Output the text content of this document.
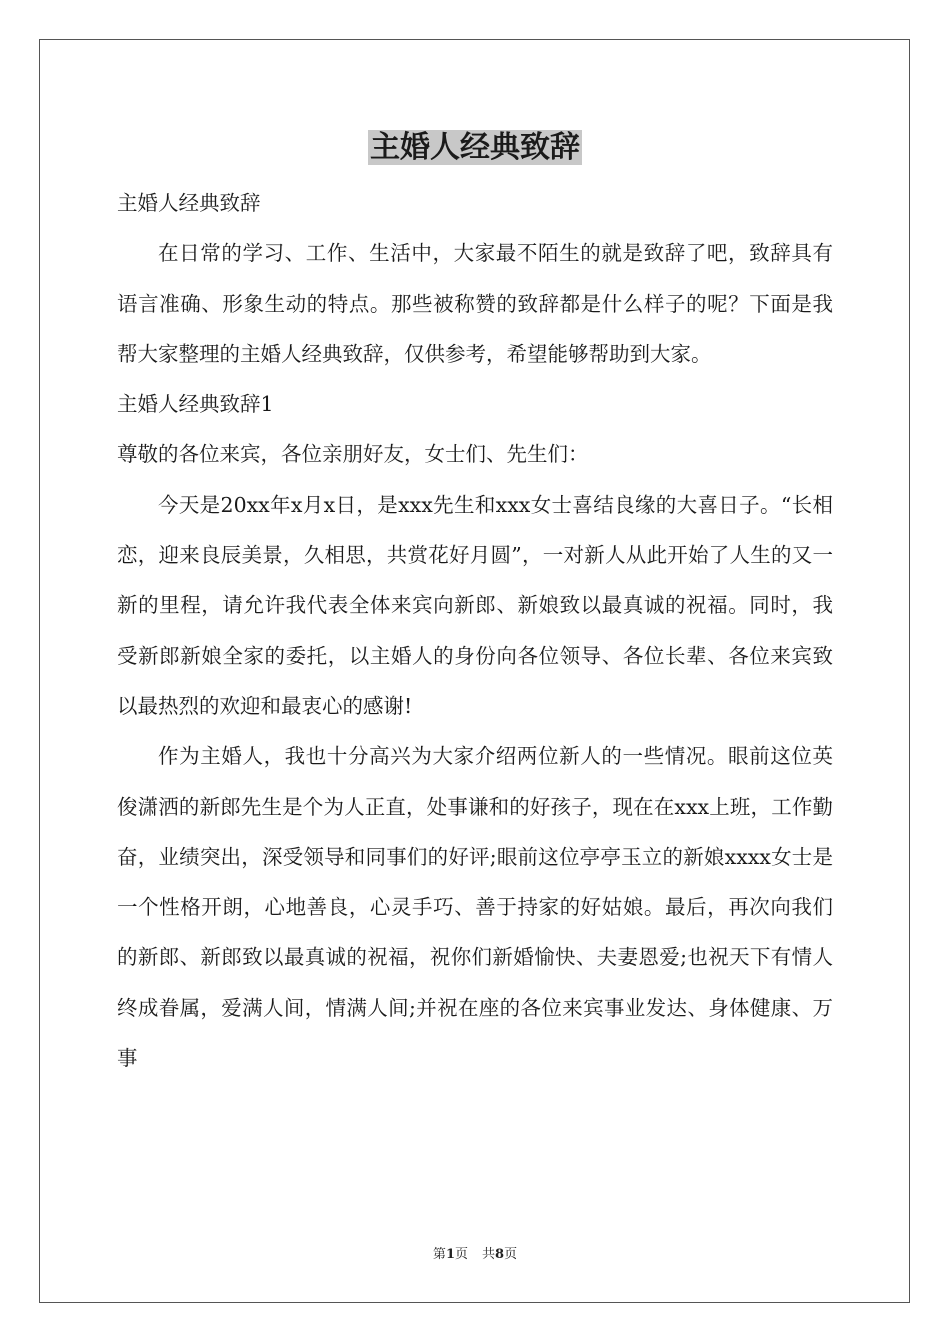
主婚人经典致辞

主婚人经典致辞

在日常的学习、工作、生活中，大家最不陌生的就是致辞了吧，致辞具有语言准确、形象生动的特点。那些被称赞的致辞都是什么样子的呢？下面是我帮大家整理的主婚人经典致辞，仅供参考，希望能够帮助到大家。

主婚人经典致辞1

尊敬的各位来宾，各位亲朋好友，女士们、先生们：

今天是20xx年x月x日，是xxx先生和xxx女士喜结良缘的大喜日子。“长相恋，迎来良辰美景，久相思，共赏花好月圆”，一对新人从此开始了人生的又一新的里程，请允许我代表全体来宾向新郎、新娘致以最真诚的祝福。同时，我受新郎新娘全家的委托，以主婚人的身份向各位领导、各位长辈、各位来宾致以最热烈的欢迎和最衷心的感谢!

作为主婚人，我也十分高兴为大家介绍两位新人的一些情况。眼前这位英俊潇洒的新郎先生是个为人正直，处事谦和的好孩子，现在在xxx上班，工作勤奋，业绩突出，深受领导和同事们的好评;眼前这位亭亭玉立的新娘xxxx女士是一个性格开朗，心地善良，心灵手巧、善于持家的好姑娘。最后，再次向我们的新郎、新郎致以最真诚的祝福，祝你们新婚愉快、夫妻恩爱;也祝天下有情人终成眷属，爱满人间，情满人间;并祝在座的各位来宾事业发达、身体健康、万事

第1页 共8页
